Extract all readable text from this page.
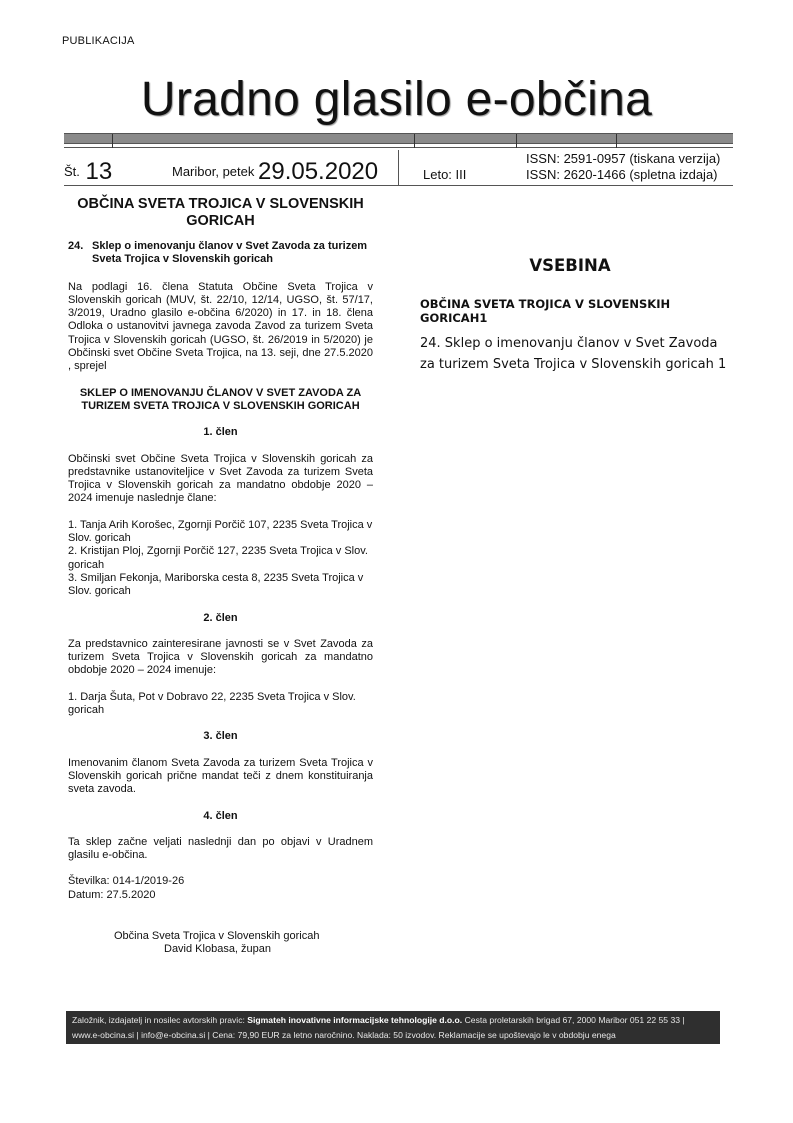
PUBLIKACIJA
Uradno glasilo e-občina
Št. 13	Maribor, petek 29.05.2020	Leto: III
ISSN: 2591-0957 (tiskana verzija)
ISSN: 2620-1466 (spletna izdaja)
OBČINA SVETA TROJICA V SLOVENSKIH GORICAH
24. Sklep o imenovanju članov v Svet Zavoda za turizem Sveta Trojica v Slovenskih goricah

Na podlagi 16. člena Statuta Občine Sveta Trojica v Slovenskih goricah (MUV, št. 22/10, 12/14, UGSO, št. 57/17, 3/2019, Uradno glasilo e-občina 6/2020) in 17. in 18. člena Odloka o ustanovitvi javnega zavoda Zavod za turizem Sveta Trojica v Slovenskih goricah (UGSO, št. 26/2019 in 5/2020) je Občinski svet Občine Sveta Trojica, na 13. seji, dne 27.5.2020 , sprejel

SKLEP O IMENOVANJU ČLANOV V SVET ZAVODA ZA TURIZEM SVETA TROJICA V SLOVENSKIH GORICAH

1. člen

Občinski svet Občine Sveta Trojica v Slovenskih goricah za predstavnike ustanoviteljice v Svet Zavoda za turizem Sveta Trojica v Slovenskih goricah za mandatno obdobje 2020 – 2024 imenuje naslednje člane:

1. Tanja Arih Korošec, Zgornji Porčič 107, 2235 Sveta Trojica v Slov. goricah

2. Kristijan Ploj, Zgornji Porčič 127, 2235 Sveta Trojica v Slov. goricah

3. Smiljan Fekonja, Mariborska cesta 8, 2235 Sveta Trojica v Slov. goricah

2. člen

Za predstavnico zainteresirane javnosti se v Svet Zavoda za turizem Sveta Trojica v Slovenskih goricah za mandatno obdobje 2020 – 2024 imenuje:

1. Darja Šuta, Pot v Dobravo 22, 2235 Sveta Trojica v Slov. goricah

3. člen

Imenovanim članom Sveta Zavoda za turizem Sveta Trojica v Slovenskih goricah prične mandat teči z dnem konstituiranja sveta zavoda.

4. člen

Ta sklep začne veljati naslednji dan po objavi v Uradnem glasilu e-občina.

Številka: 014-1/2019-26

Datum: 27.5.2020

Občina Sveta Trojica v Slovenskih goricah

David Klobasa, župan

VSEBINA
OBČINA SVETA TROJICA V SLOVENSKIH GORICAH1
24. Sklep o imenovanju članov v Svet Zavoda za turizem Sveta Trojica v Slovenskih goricah 1
Založnik, izdajatelj in nosilec avtorskih pravic: Sigmateh inovativne informacijske tehnologije d.o.o. Cesta proletarskih brigad 67, 2000 Maribor 051 22 55 33 | www.e-obcina.si | info@e-obcina.si | Cena: 79,90 EUR za letno naročnino. Naklada: 50 izvodov. Reklamacije se upoštevajo le v obdobju enega
